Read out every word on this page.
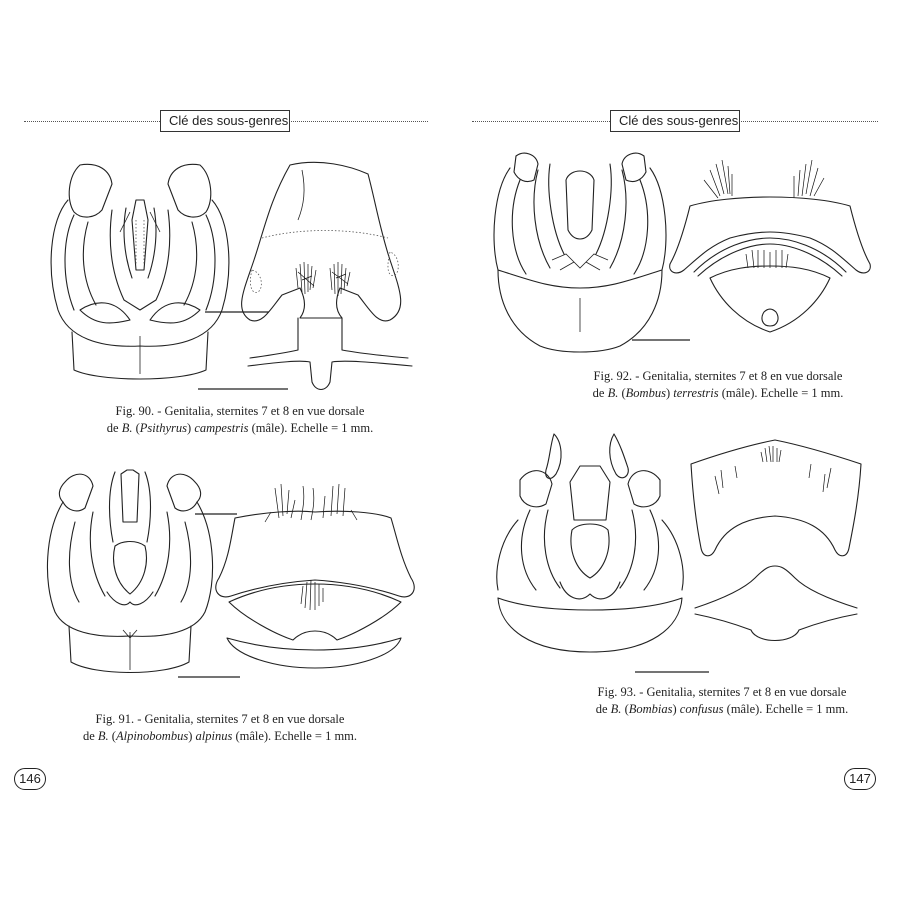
Clé des sous-genres
Fig. 90. - Genitalia, sternites 7 et 8 en vue dorsale
de B. (Psithyrus) campestris (mâle). Echelle = 1 mm.
Fig. 91. - Genitalia, sternites 7 et 8 en vue dorsale
de B. (Alpinobombus) alpinus (mâle). Echelle = 1 mm.
146
Clé des sous-genres
Fig. 92. - Genitalia, sternites 7 et 8 en vue dorsale
de B. (Bombus) terrestris (mâle). Echelle = 1 mm.
Fig. 93. - Genitalia, sternites 7 et 8 en vue dorsale
de B. (Bombias) confusus (mâle). Echelle = 1 mm.
147
